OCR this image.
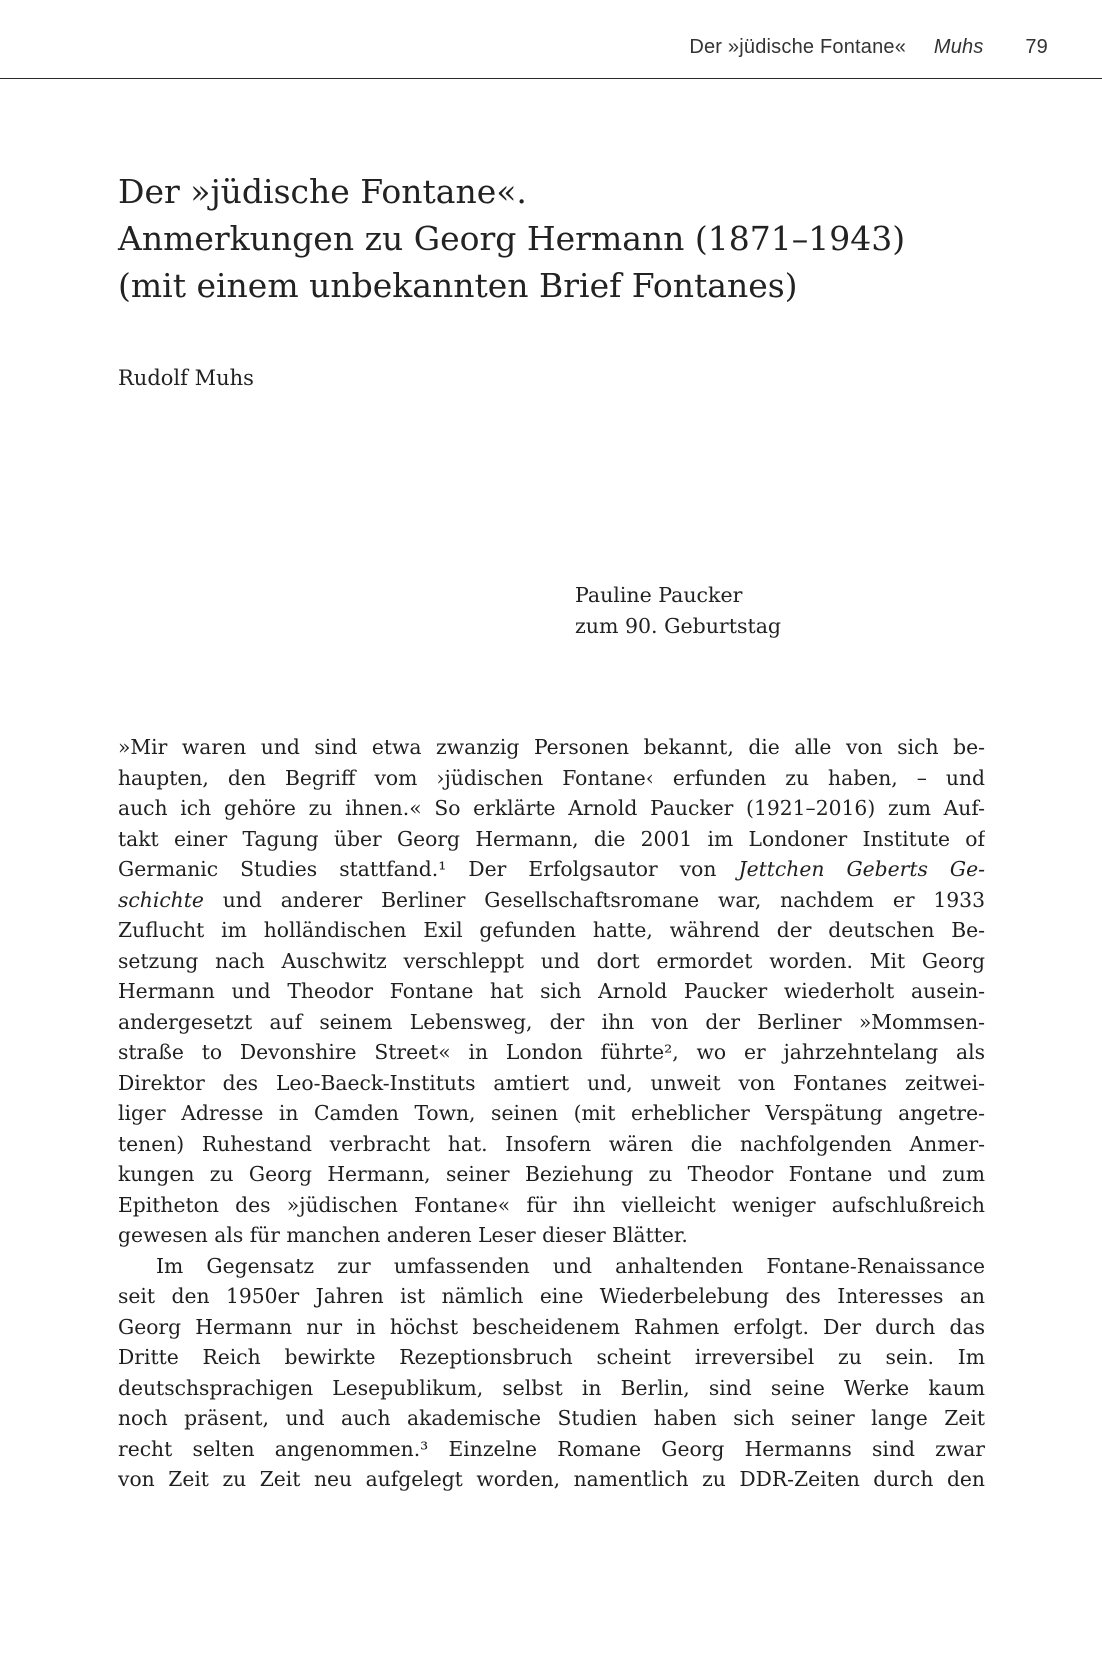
Der »jüdische Fontane« Muhs 79
Der »jüdische Fontane«.
Anmerkungen zu Georg Hermann (1871–1943)
(mit einem unbekannten Brief Fontanes)
Rudolf Muhs
Pauline Paucker
zum 90. Geburtstag
»Mir waren und sind etwa zwanzig Personen bekannt, die alle von sich be-
haupten, den Begriff vom ›jüdischen Fontane‹ erfunden zu haben, – und
auch ich gehöre zu ihnen.« So erklärte Arnold Paucker (1921–2016) zum Auf-
takt einer Tagung über Georg Hermann, die 2001 im Londoner Institute of
Germanic Studies stattfand.¹ Der Erfolgsautor von Jettchen Geberts Ge-
schichte und anderer Berliner Gesellschaftsromane war, nachdem er 1933
Zuflucht im holländischen Exil gefunden hatte, während der deutschen Be-
setzung nach Auschwitz verschleppt und dort ermordet worden. Mit Georg
Hermann und Theodor Fontane hat sich Arnold Paucker wiederholt ausein-
andergesetzt auf seinem Lebensweg, der ihn von der Berliner »Mommsen-
straße to Devonshire Street« in London führte², wo er jahrzehntelang als
Direktor des Leo-Baeck-Instituts amtiert und, unweit von Fontanes zeitwei-
liger Adresse in Camden Town, seinen (mit erheblicher Verspätung angetre-
tenen) Ruhestand verbracht hat. Insofern wären die nachfolgenden Anmer-
kungen zu Georg Hermann, seiner Beziehung zu Theodor Fontane und zum
Epitheton des »jüdischen Fontane« für ihn vielleicht weniger aufschlußreich
gewesen als für manchen anderen Leser dieser Blätter.
Im Gegensatz zur umfassenden und anhaltenden Fontane-Renaissance
seit den 1950er Jahren ist nämlich eine Wiederbelebung des Interesses an
Georg Hermann nur in höchst bescheidenem Rahmen erfolgt. Der durch das
Dritte Reich bewirkte Rezeptionsbruch scheint irreversibel zu sein. Im
deutschsprachigen Lesepublikum, selbst in Berlin, sind seine Werke kaum
noch präsent, und auch akademische Studien haben sich seiner lange Zeit
recht selten angenommen.³ Einzelne Romane Georg Hermanns sind zwar
von Zeit zu Zeit neu aufgelegt worden, namentlich zu DDR-Zeiten durch den
